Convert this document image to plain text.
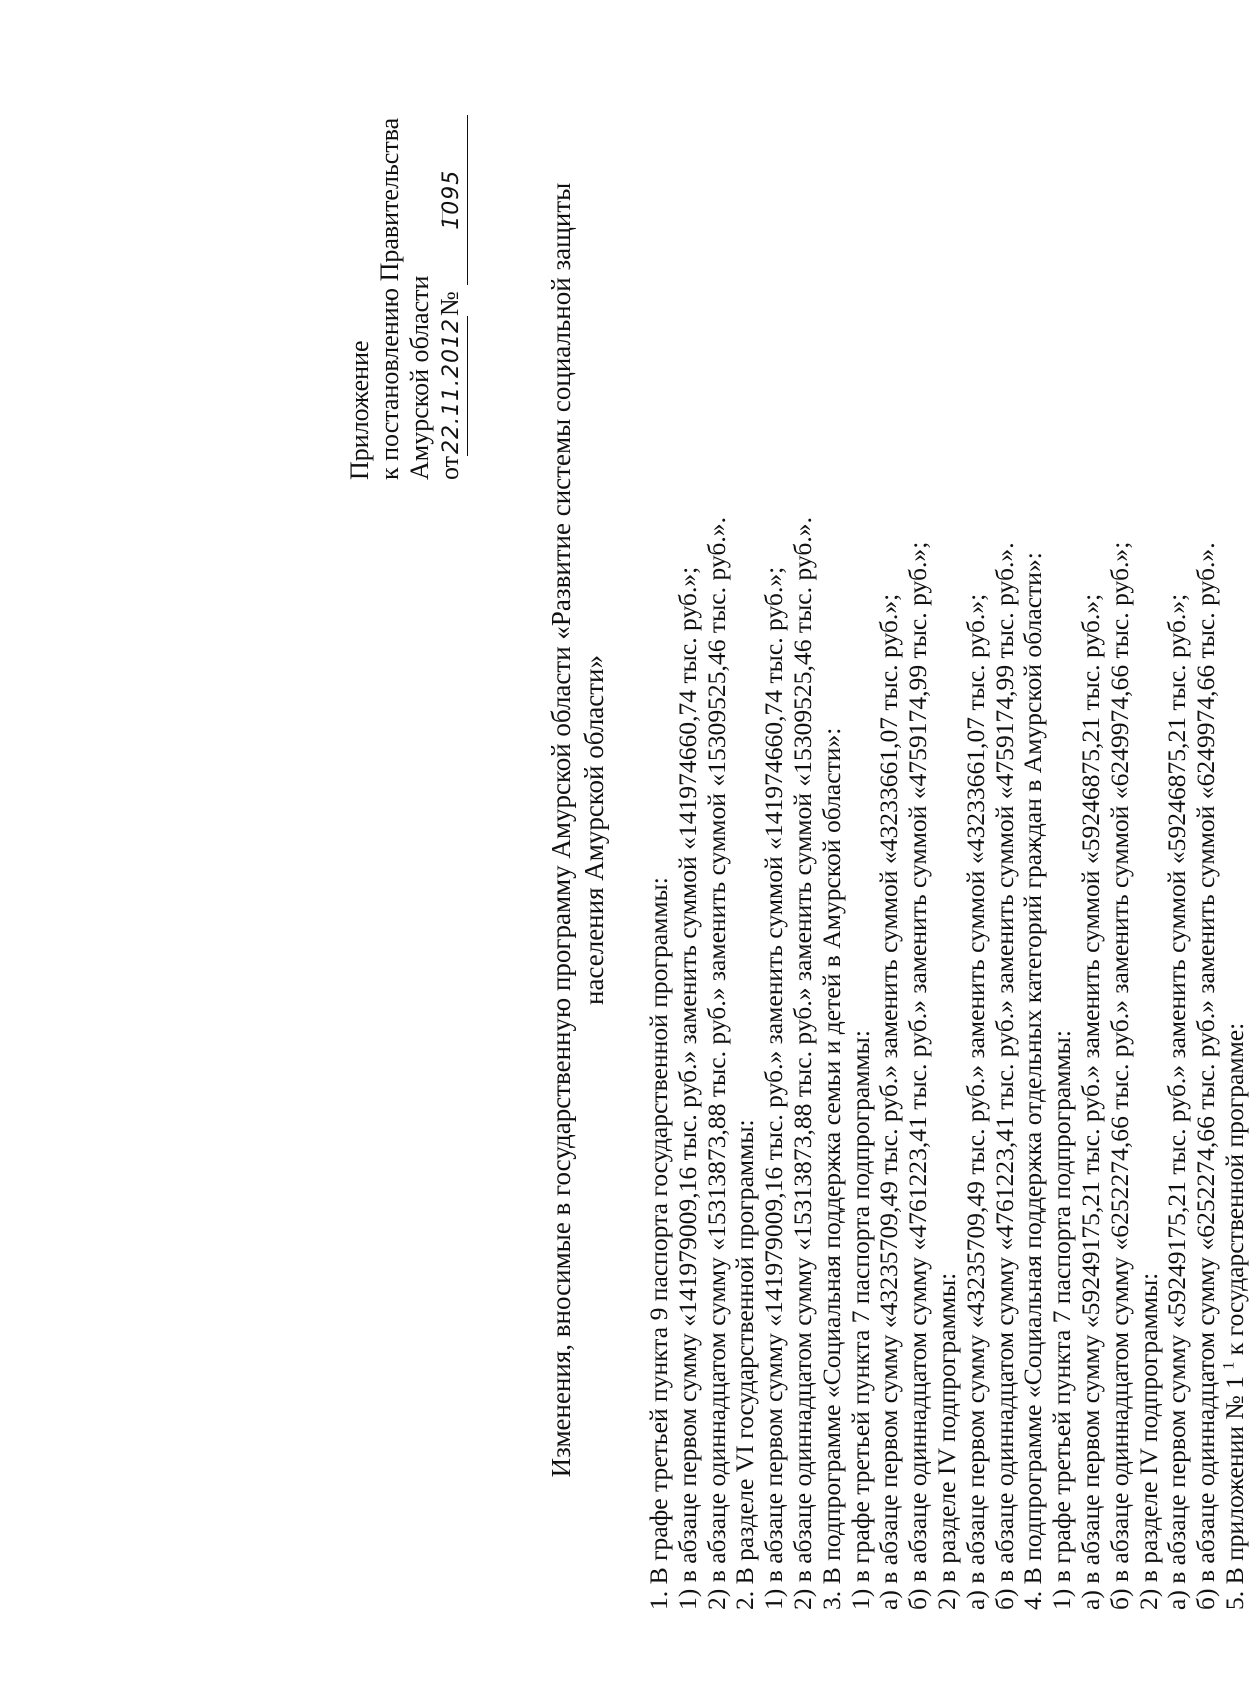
Приложение к постановлению Правительства Амурской области от22.11.2012№ 1095	Изменения, вносимые в государственную программу Амурской области «Развитие системы социальной защиты населения Амурской области»
1. В графе третьей пункта 9 паспорта государственной программы: 1) в абзаце первом сумму «141979009,16 тыс. руб.» заменить суммой «141974660,74 тыс. руб.»; 2) в абзаце одиннадцатом сумму «15313873,88 тыс. руб.» заменить суммой «15309525,46 тыс. руб.». 2. В разделе VI государственной программы: 1) в абзаце первом сумму «141979009,16 тыс. руб.» заменить суммой «141974660,74 тыс. руб.»; 2) в абзаце одиннадцатом сумму «15313873,88 тыс. руб.» заменить суммой «15309525,46 тыс. руб.». 3. В подпрограмме «Социальная поддержка семьи и детей в Амурской области»: 1) в графе третьей пункта 7 паспорта подпрограммы: а) в абзаце первом сумму «43235709,49 тыс. руб.» заменить суммой «43233661,07 тыс. руб.»; б) в абзаце одиннадцатом сумму «4761223,41 тыс. руб.» заменить суммой «4759174,99 тыс. руб.»; 2) в разделе IV подпрограммы: а) в абзаце первом сумму «43235709,49 тыс. руб.» заменить суммой «43233661,07 тыс. руб.»; б) в абзаце одиннадцатом сумму «4761223,41 тыс. руб.» заменить суммой «4759174,99 тыс. руб.». 4. В подпрограмме «Социальная поддержка отдельных категорий граждан в Амурской области»: 1) в графе третьей пункта 7 паспорта подпрограммы: а) в абзаце первом сумму «59249175,21 тыс. руб.» заменить суммой «59246875,21 тыс. руб.»; б) в абзаце одиннадцатом сумму «6252274,66 тыс. руб.» заменить суммой «6249974,66 тыс. руб.»; 2) в разделе IV подпрограммы: а) в абзаце первом сумму «59249175,21 тыс. руб.» заменить суммой «59246875,21 тыс. руб.»; б) в абзаце одиннадцатом сумму «6252274,66 тыс. руб.» заменить суммой «6249974,66 тыс. руб.». 5. В приложении № 1 $^1$ к государственной программе:
